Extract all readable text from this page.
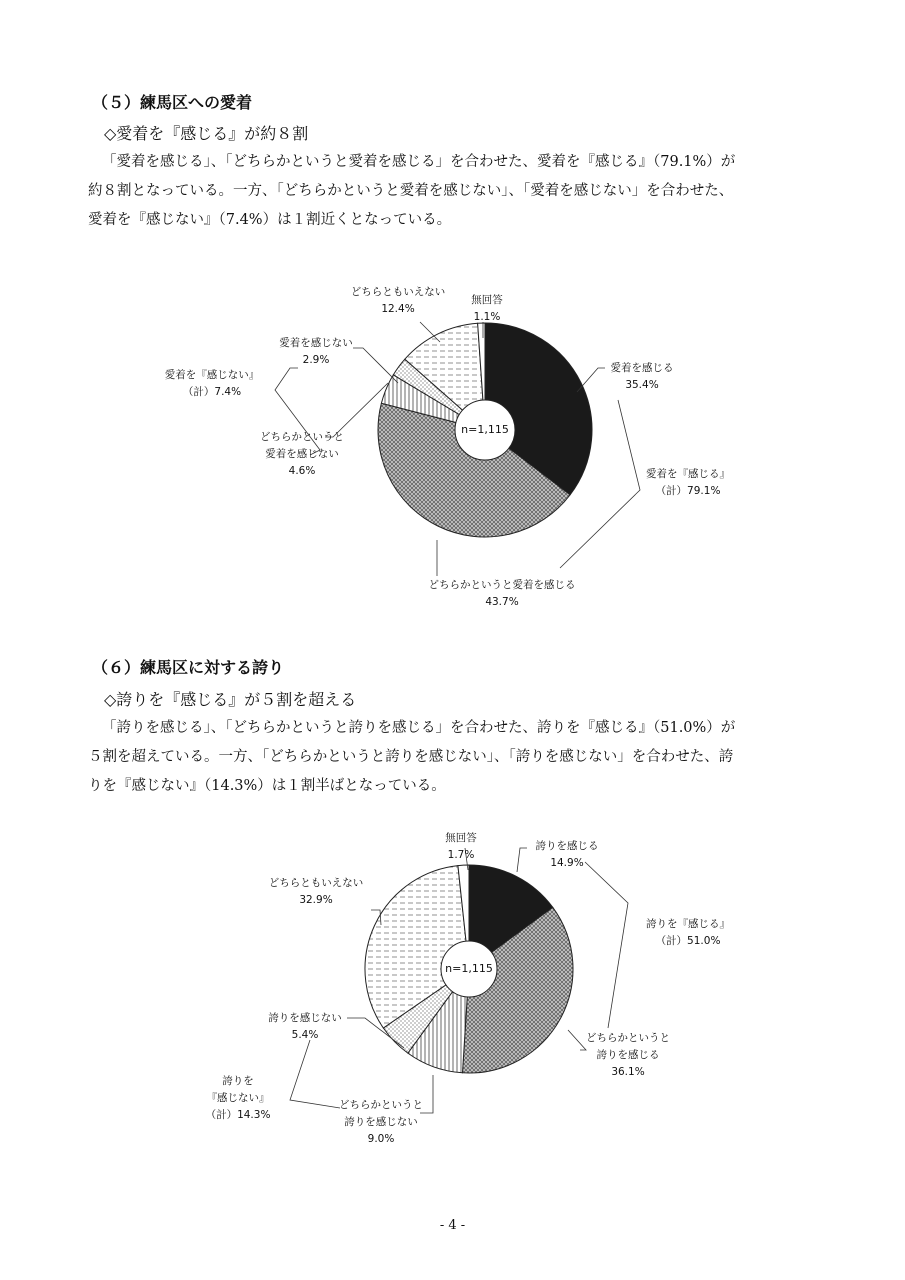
（５）練馬区への愛着
◇愛着を『感じる』が約８割

「愛着を感じる」、「どちらかというと愛着を感じる」を合わせた、愛着を『感じる』（79.1%）が

約８割となっている。一方、「どちらかというと愛着を感じない」、「愛着を感じない」を合わせた、

愛着を『感じない』（7.4%）は１割近くとなっている。

（６）練馬区に対する誇り
◇誇りを『感じる』が５割を超える

「誇りを感じる」、「どちらかというと誇りを感じる」を合わせた、誇りを『感じる』（51.0%）が

５割を超えている。一方、「どちらかというと誇りを感じない」、「誇りを感じない」を合わせた、誇

りを『感じない』（14.3%）は１割半ばとなっている。

どちらともいえない
12.4%
無回答
1.1%
愛着を感じない
2.9%
愛着を『感じない』
（計）7.4%
どちらかというと
愛着を感じない
4.6%
愛着を感じる
35.4%
愛着を『感じる』
（計）79.1%
どちらかというと愛着を感じる
43.7%
n=1,115
無回答
1.7%
誇りを感じる
14.9%
どちらともいえない
32.9%
誇りを『感じる』
（計）51.0%
誇りを感じない
5.4%	どちらかというと
誇りを感じる
36.1%
誇りを
『感じない』
（計）14.3%
どちらかというと
誇りを感じない
9.0%
n=1,115
- 4 -
